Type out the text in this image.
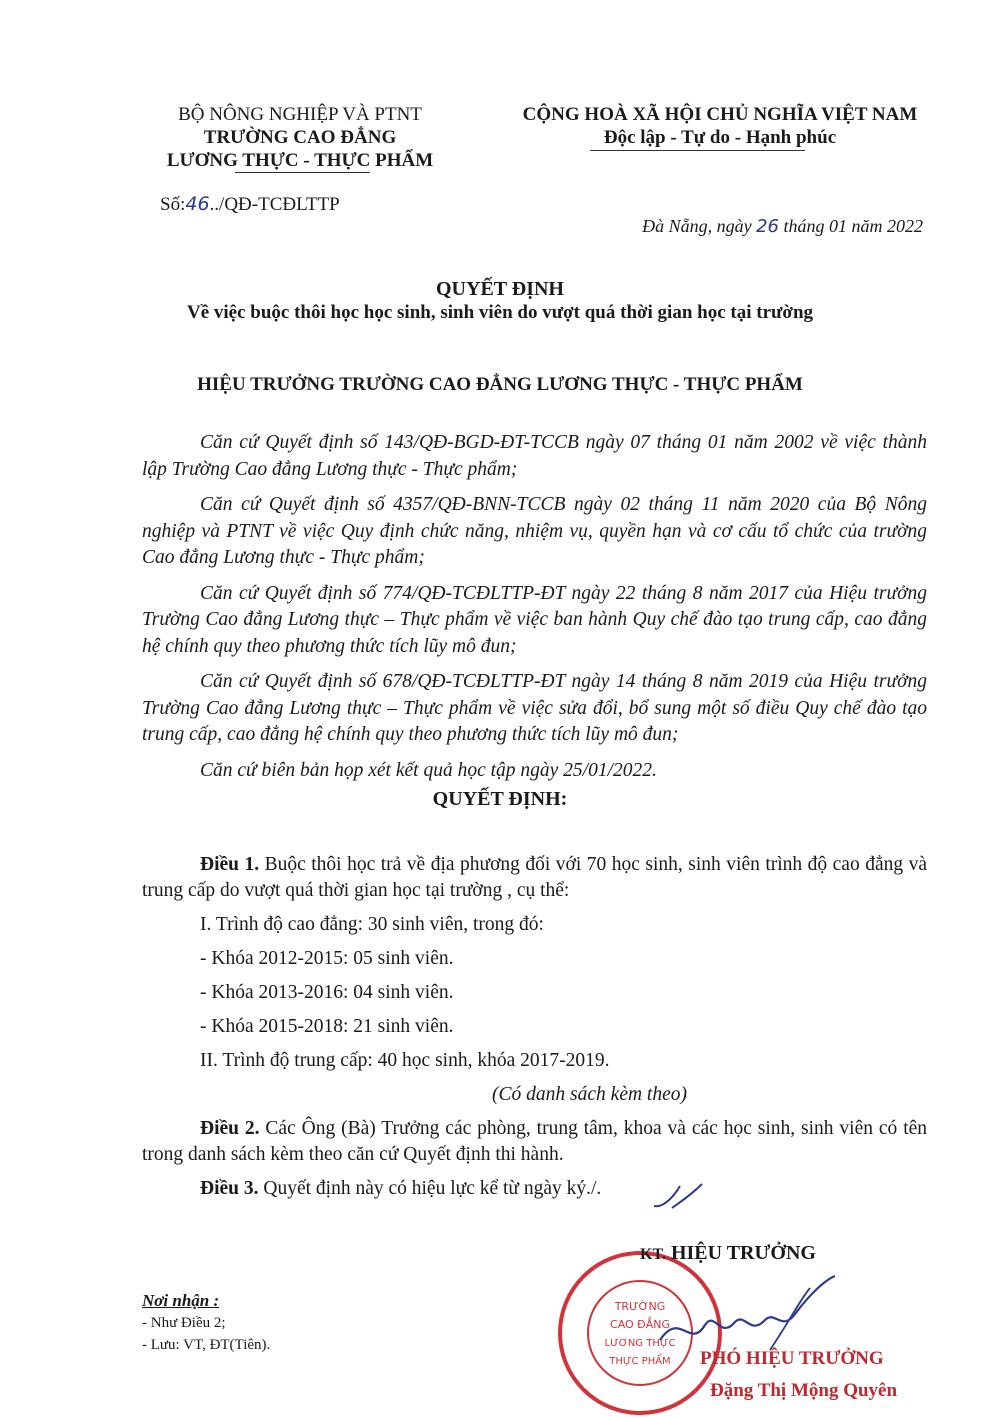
BỘ NÔNG NGHIỆP VÀ PTNT
TRƯỜNG CAO ĐẲNG
LƯƠNG THỰC - THỰC PHẨM
Số:46../QĐ-TCĐLTTP
CỘNG HOÀ XÃ HỘI CHỦ NGHĨA VIỆT NAM
Độc lập - Tự do - Hạnh phúc
Đà Nẵng, ngày 26 tháng 01 năm 2022
QUYẾT ĐỊNH
Về việc buộc thôi học học sinh, sinh viên do vượt quá thời gian học tại trường
HIỆU TRƯỞNG TRƯỜNG CAO ĐẲNG LƯƠNG THỰC - THỰC PHẨM

Căn cứ Quyết định số 143/QĐ-BGD-ĐT-TCCB ngày 07 tháng 01 năm 2002 về việc thành lập Trường Cao đẳng Lương thực - Thực phẩm;

Căn cứ Quyết định số 4357/QĐ-BNN-TCCB ngày 02 tháng 11 năm 2020 của Bộ Nông nghiệp và PTNT về việc Quy định chức năng, nhiệm vụ, quyền hạn và cơ cấu tổ chức của trường Cao đẳng Lương thực - Thực phẩm;

Căn cứ Quyết định số 774/QĐ-TCĐLTTP-ĐT ngày 22 tháng 8 năm 2017 của Hiệu trưởng Trường Cao đẳng Lương thực – Thực phẩm về việc ban hành Quy chế đào tạo trung cấp, cao đẳng hệ chính quy theo phương thức tích lũy mô đun;

Căn cứ Quyết định số 678/QĐ-TCĐLTTP-ĐT ngày 14 tháng 8 năm 2019 của Hiệu trưởng Trường Cao đẳng Lương thực – Thực phẩm về việc sửa đổi, bổ sung một số điều Quy chế đào tạo trung cấp, cao đẳng hệ chính quy theo phương thức tích lũy mô đun;

Căn cứ biên bản họp xét kết quả học tập ngày 25/01/2022.

QUYẾT ĐỊNH:

Điều 1. Buộc thôi học trả về địa phương đối với 70 học sinh, sinh viên trình độ cao đẳng và trung cấp do vượt quá thời gian học tại trường , cụ thể:

I. Trình độ cao đẳng: 30 sinh viên, trong đó:

- Khóa 2012-2015: 05 sinh viên.

- Khóa 2013-2016: 04 sinh viên.

- Khóa 2015-2018: 21 sinh viên.

II. Trình độ trung cấp: 40 học sinh, khóa 2017-2019.

(Có danh sách kèm theo)

Điều 2. Các Ông (Bà) Trưởng các phòng, trung tâm, khoa và các học sinh, sinh viên có tên trong danh sách kèm theo căn cứ Quyết định thi hành.

Điều 3. Quyết định này có hiệu lực kể từ ngày ký./.

Nơi nhận :
- Như Điều 2;
- Lưu: VT, ĐT(Tiên).
TRƯỜNG
CAO ĐẲNG
LƯƠNG THỰC
THỰC PHẨM
KT. HIỆU TRƯỞNG
PHÓ HIỆU TRƯỞNG
Đặng Thị Mộng Quyên
